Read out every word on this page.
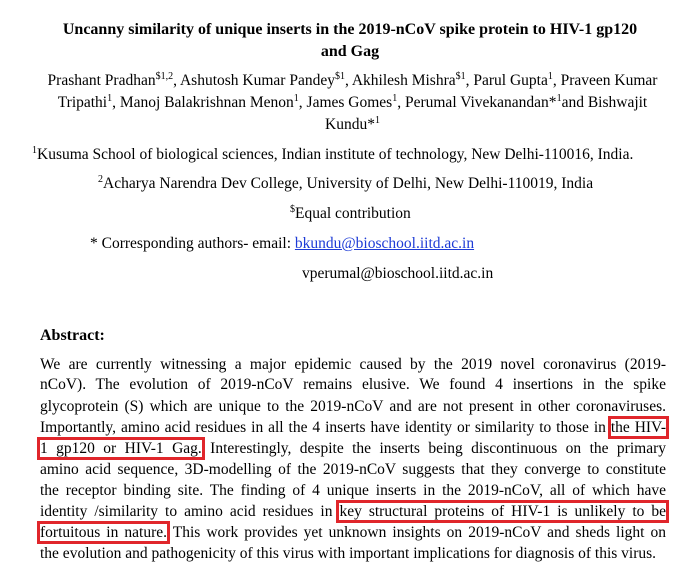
Uncanny similarity of unique inserts in the 2019-nCoV spike protein to HIV-1 gp120
and Gag
Prashant Pradhan$^{\$1,2}$, Ashutosh Kumar Pandey$^{\$1}$, Akhilesh Mishra$^{\$1}$, Parul Gupta$^1$, Praveen Kumar Tripathi$^1$, Manoj Balakrishnan Menon$^1$, James Gomes$^1$, Perumal Vivekanandan*$^1$and Bishwajit Kundu*$^1$
$^1$Kusuma School of biological sciences, Indian institute of technology, New Delhi-110016, India.
$^2$Acharya Narendra Dev College, University of Delhi, New Delhi-110019, India
$Equal contribution
* Corresponding authors- email: bkundu@bioschool.iitd.ac.in
vperumal@bioschool.iitd.ac.in
Abstract:
We are currently witnessing a major epidemic caused by the 2019 novel coronavirus (2019-
nCoV). The evolution of 2019-nCoV remains elusive. We found 4 insertions in the spike
glycoprotein (S) which are unique to the 2019-nCoV and are not present in other coronaviruses.
Importantly, amino acid residues in all the 4 inserts have identity or similarity to those in the HIV-
1 gp120 or HIV-1 Gag. Interestingly, despite the inserts being discontinuous on the primary
amino acid sequence, 3D-modelling of the 2019-nCoV suggests that they converge to constitute
the receptor binding site. The finding of 4 unique inserts in the 2019-nCoV, all of which have
identity /similarity to amino acid residues in key structural proteins of HIV-1 is unlikely to be
fortuitous in nature. This work provides yet unknown insights on 2019-nCoV and sheds light on
the evolution and pathogenicity of this virus with important implications for diagnosis of this virus.
